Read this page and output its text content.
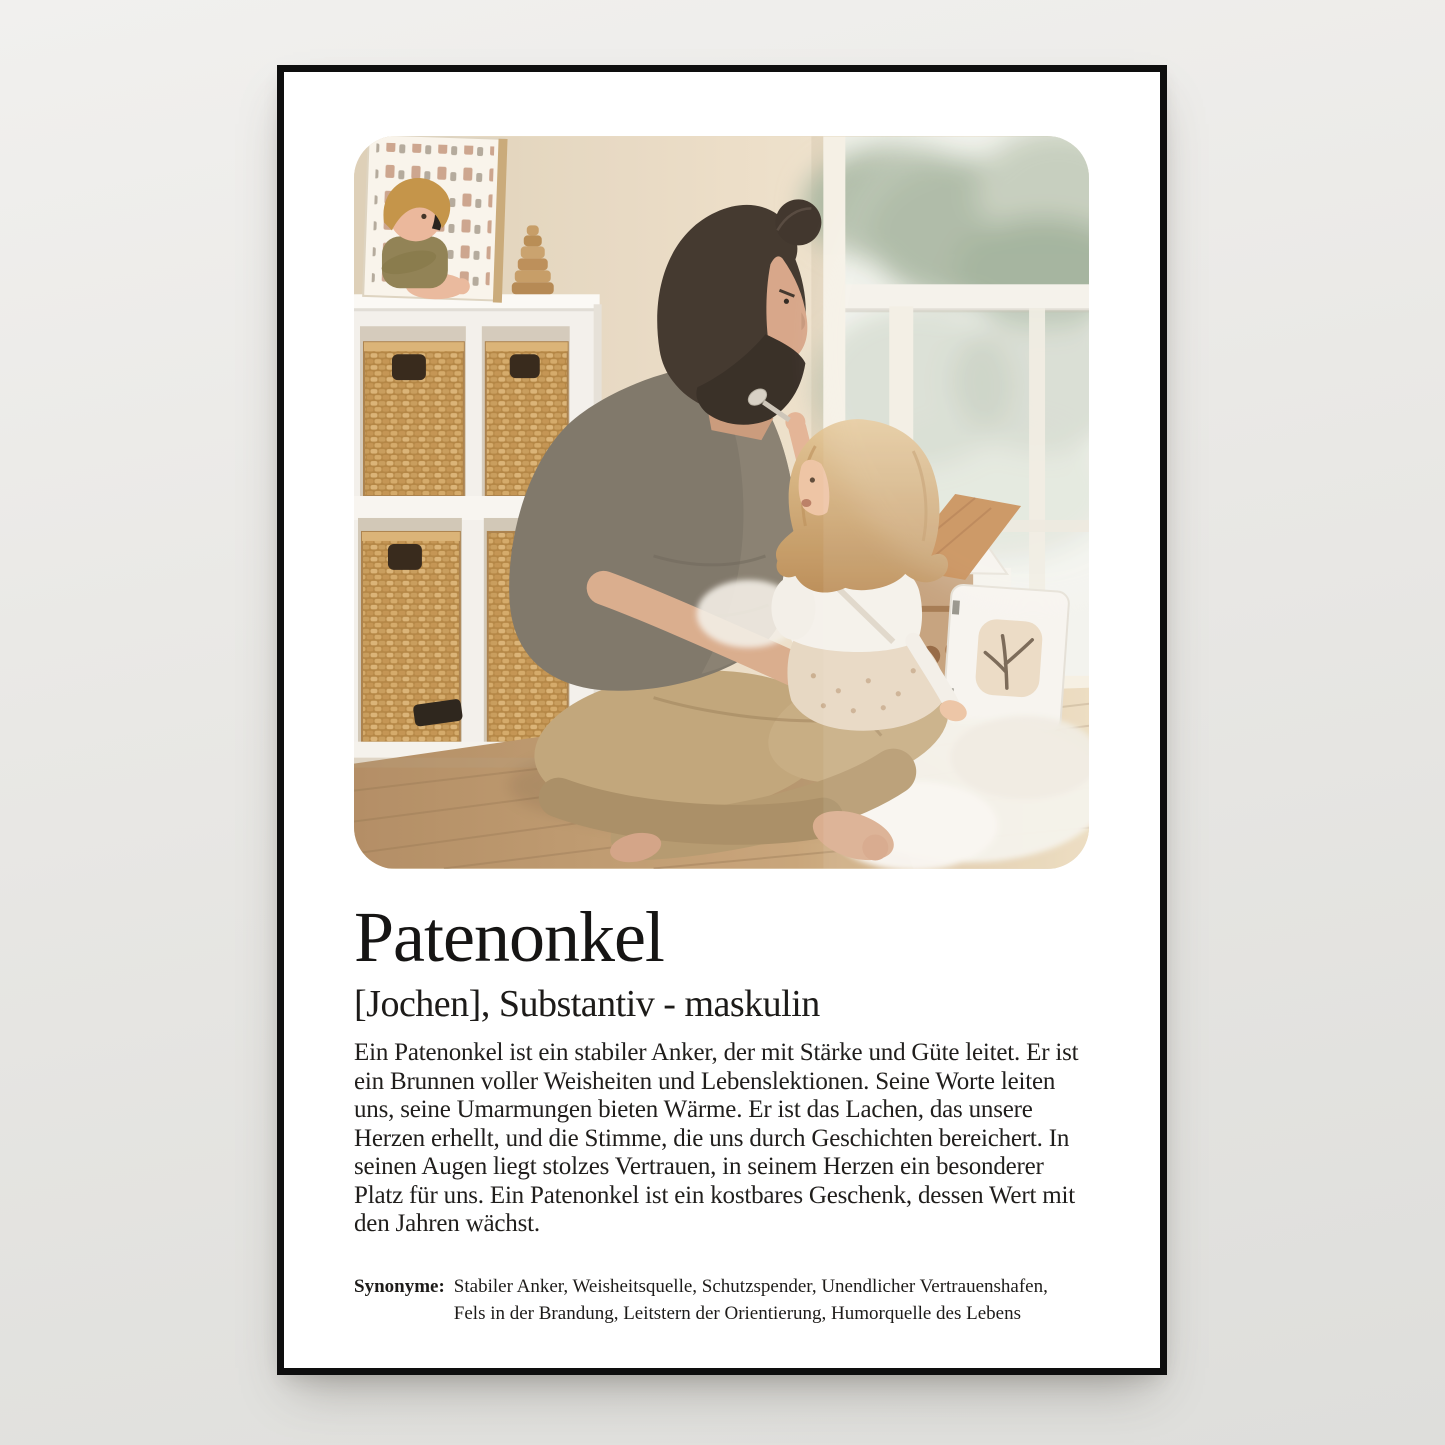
Patenonkel
[Jochen], Substantiv - maskulin
Ein Patenonkel ist ein stabiler Anker, der mit Stärke und Güte leitet. Er ist ein Brunnen voller Weisheiten und Lebenslektionen. Seine Worte leiten uns, seine Umarmungen bieten Wärme. Er ist das Lachen, das unsere Herzen erhellt, und die Stimme, die uns durch Geschichten bereichert. In seinen Augen liegt stolzes Vertrauen, in seinem Herzen ein besonderer Platz für uns. Ein Patenonkel ist ein kostbares Geschenk, dessen Wert mit den Jahren wächst.
Synonyme: Stabiler Anker, Weisheitsquelle, Schutzspender, Unendlicher Vertrauenshafen,
Fels in der Brandung, Leitstern der Orientierung, Humorquelle des Lebens
